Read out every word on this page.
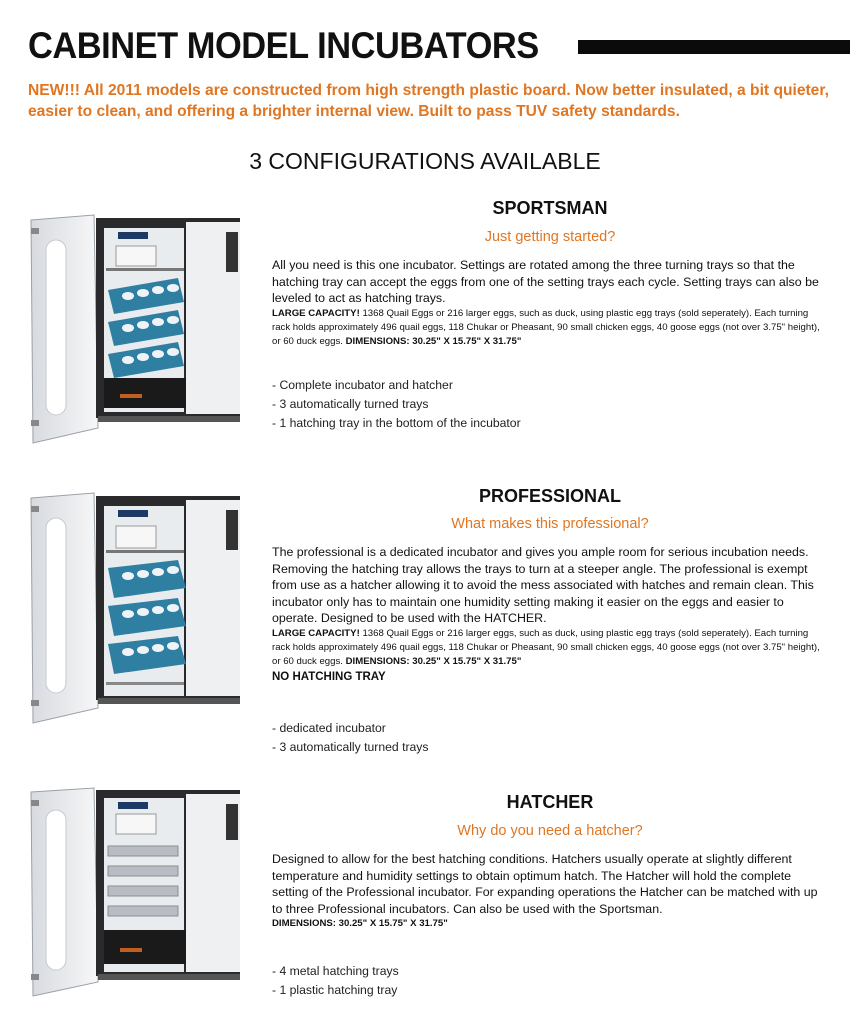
CABINET MODEL INCUBATORS

NEW!!! All 2011 models are constructed from high strength plastic board. Now better insulated, a bit quieter, easier to clean, and offering a brighter internal view. Built to pass TUV safety standards.

3 CONFIGURATIONS AVAILABLE
SPORTSMAN

Just getting started?

All you need is this one incubator. Settings are rotated among the three turning trays so that the hatching tray can accept the eggs from one of the setting trays each cycle. Setting trays can also be leveled to act as hatching trays.
LARGE CAPACITY! 1368 Quail Eggs or 216 larger eggs, such as duck, using plastic egg trays (sold seperately). Each turning rack holds approximately 496 quail eggs, 118 Chukar or Pheasant, 90 small chicken eggs, 40 goose eggs (not over 3.75" height), or 60 duck eggs. DIMENSIONS: 30.25" X 15.75" X 31.75"
- Complete incubator and hatcher
- 3 automatically turned trays
- 1 hatching tray in the bottom of the incubator
PROFESSIONAL

What makes this professional?

The professional is a dedicated incubator and gives you ample room for serious incubation needs. Removing the hatching tray allows the trays to turn at a steeper angle. The professional is exempt from use as a hatcher allowing it to avoid the mess associated with hatches and remain clean. This incubator only has to maintain one humidity setting making it easier on the eggs and easier to operate. Designed to be used with the HATCHER.
LARGE CAPACITY! 1368 Quail Eggs or 216 larger eggs, such as duck, using plastic egg trays (sold seperately). Each turning rack holds approximately 496 quail eggs, 118 Chukar or Pheasant, 90 small chicken eggs, 40 goose eggs (not over 3.75" height), or 60 duck eggs. DIMENSIONS: 30.25" X 15.75" X 31.75"
NO HATCHING TRAY
- dedicated incubator
- 3 automatically turned trays
HATCHER

Why do you need a hatcher?

Designed to allow for the best hatching conditions. Hatchers usually operate at slightly different temperature and humidity settings to obtain optimum hatch. The Hatcher will hold the complete setting of the Professional incubator. For expanding operations the Hatcher can be matched with up to three Professional incubators. Can also be used with the Sportsman.
DIMENSIONS: 30.25" X 15.75" X 31.75"
- 4 metal hatching trays
- 1 plastic hatching tray
